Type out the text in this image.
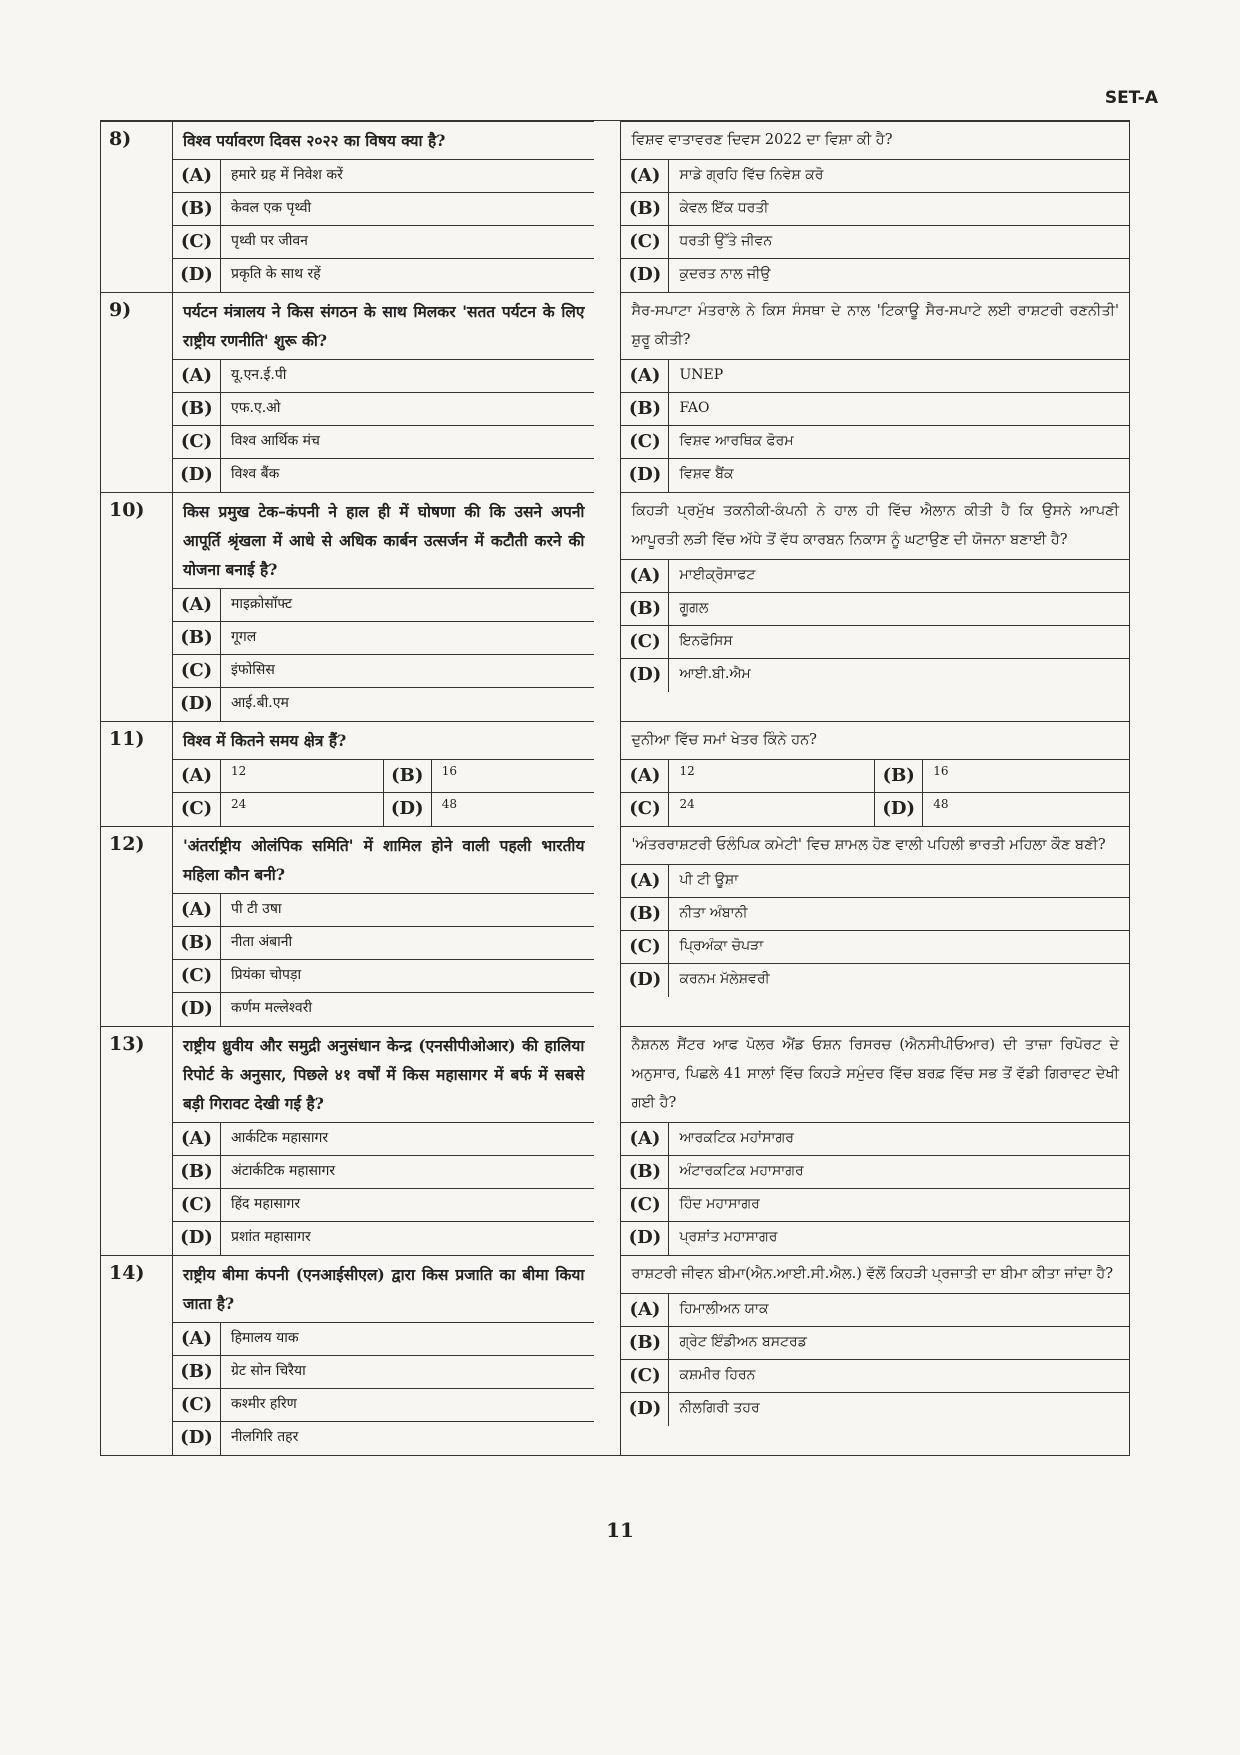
SET-A
8)	विश्व पर्यावरण दिवस २०२२ का विषय क्या है?
(A)	हमारे ग्रह में निवेश करें
(B)	केवल एक पृथ्वी
(C)	पृथ्वी पर जीवन
(D)	प्रकृति के साथ रहें
ਵਿਸ਼ਵ ਵਾਤਾਵਰਣ ਦਿਵਸ 2022 ਦਾ ਵਿਸ਼ਾ ਕੀ ਹੈ?
(A)	ਸਾਡੇ ਗ੍ਰਹਿ ਵਿੱਚ ਨਿਵੇਸ਼ ਕਰੋ
(B)	ਕੇਵਲ ਇੱਕ ਧਰਤੀ
(C)	ਧਰਤੀ ਉੱਤੇ ਜੀਵਨ
(D)	ਕੁਦਰਤ ਨਾਲ ਜੀਉ
9)	पर्यटन मंत्रालय ने किस संगठन के साथ मिलकर 'सतत पर्यटन के लिए राष्ट्रीय रणनीति' शुरू की?
(A)	यू.एन.ई.पी
(B)	एफ.ए.ओ
(C)	विश्व आर्थिक मंच
(D)	विश्व बैंक
ਸੈਰ-ਸਪਾਟਾ ਮੰਤਰਾਲੇ ਨੇ ਕਿਸ ਸੰਸਥਾ ਦੇ ਨਾਲ 'ਟਿਕਾਊ ਸੈਰ-ਸਪਾਟੇ ਲਈ ਰਾਸ਼ਟਰੀ ਰਣਨੀਤੀ' ਸ਼ੁਰੂ ਕੀਤੀ?
(A)	UNEP
(B)	FAO
(C)	ਵਿਸ਼ਵ ਆਰਥਿਕ ਫੋਰਮ
(D)	ਵਿਸ਼ਵ ਬੈਂਕ
10)	किस प्रमुख टेक–कंपनी ने हाल ही में घोषणा की कि उसने अपनी आपूर्ति श्रृंखला में आधे से अधिक कार्बन उत्सर्जन में कटौती करने की योजना बनाई है?
(A)	माइक्रोसॉफ्ट
(B)	गूगल
(C)	इंफोसिस
(D)	आई.बी.एम
ਕਿਹੜੀ ਪ੍ਰਮੁੱਖ ਤਕਨੀਕੀ-ਕੰਪਨੀ ਨੇ ਹਾਲ ਹੀ ਵਿੱਚ ਐਲਾਨ ਕੀਤੀ ਹੈ ਕਿ ਉਸਨੇ ਆਪਣੀ ਆਪੂਰਤੀ ਲੜੀ ਵਿੱਚ ਅੱਧੇ ਤੋਂ ਵੱਧ ਕਾਰਬਨ ਨਿਕਾਸ ਨੂੰ ਘਟਾਉਣ ਦੀ ਯੋਜਨਾ ਬਣਾਈ ਹੈ?
(A)	ਮਾਈਕ੍ਰੋਸਾਫਟ
(B)	ਗੂਗਲ
(C)	ਇਨਫੋਸਿਸ
(D)	ਆਈ.ਬੀ.ਐਮ
11)	विश्व में कितने समय क्षेत्र हैं?
(A)	12	(B)	16
(C)	24	(D)	48
ਦੁਨੀਆ ਵਿੱਚ ਸਮਾਂ ਖੇਤਰ ਕਿੰਨੇ ਹਨ?
(A)	12	(B)	16
(C)	24	(D)	48
12)	'अंतर्राष्ट्रीय ओलंपिक समिति' में शामिल होने वाली पहली भारतीय महिला कौन बनी?
(A)	पी टी उषा
(B)	नीता अंबानी
(C)	प्रियंका चोपड़ा
(D)	कर्णम मल्लेश्वरी
'ਅੰਤਰਰਾਸ਼ਟਰੀ ਓਲੰਪਿਕ ਕਮੇਟੀ' ਵਿਚ ਸ਼ਾਮਲ ਹੋਣ ਵਾਲੀ ਪਹਿਲੀ ਭਾਰਤੀ ਮਹਿਲਾ ਕੌਣ ਬਣੀ?
(A)	ਪੀ ਟੀ ਊਸ਼ਾ
(B)	ਨੀਤਾ ਅੰਬਾਨੀ
(C)	ਪ੍ਰਿਅੰਕਾ ਚੋਪੜਾ
(D)	ਕਰਨਮ ਮੱਲੇਸ਼ਵਰੀ
13)	राष्ट्रीय ध्रुवीय और समुद्री अनुसंधान केन्द्र (एनसीपीओआर) की हालिया रिपोर्ट के अनुसार, पिछले ४१ वर्षों में किस महासागर में बर्फ में सबसे बड़ी गिरावट देखी गई है?
(A)	आर्कटिक महासागर
(B)	अंटार्कटिक महासागर
(C)	हिंद महासागर
(D)	प्रशांत महासागर
ਨੈਸ਼ਨਲ ਸੈਂਟਰ ਆਫ ਪੋਲਰ ਐਂਡ ਓਸ਼ਨ ਰਿਸਰਚ (ਐਨਸੀਪੀਓਆਰ) ਦੀ ਤਾਜ਼ਾ ਰਿਪੋਰਟ ਦੇ ਅਨੁਸਾਰ, ਪਿਛਲੇ 41 ਸਾਲਾਂ ਵਿੱਚ ਕਿਹੜੇ ਸਮੁੰਦਰ ਵਿੱਚ ਬਰਫ਼ ਵਿੱਚ ਸਭ ਤੋਂ ਵੱਡੀ ਗਿਰਾਵਟ ਦੇਖੀ ਗਈ ਹੈ?
(A)	ਆਰਕਟਿਕ ਮਹਾਂਸਾਗਰ
(B)	ਅੰਟਾਰਕਟਿਕ ਮਹਾਸਾਗਰ
(C)	ਹਿੰਦ ਮਹਾਸਾਗਰ
(D)	ਪ੍ਰਸ਼ਾਂਤ ਮਹਾਸਾਗਰ
14)	राष्ट्रीय बीमा कंपनी (एनआईसीएल) द्वारा किस प्रजाति का बीमा किया जाता है?
(A)	हिमालय याक
(B)	ग्रेट सोन चिरैया
(C)	कश्मीर हरिण
(D)	नीलगिरि तहर
ਰਾਸ਼ਟਰੀ ਜੀਵਨ ਬੀਮਾ(ਐਨ.ਆਈ.ਸੀ.ਐਲ.) ਵੱਲੋਂ ਕਿਹੜੀ ਪ੍ਰਜਾਤੀ ਦਾ ਬੀਮਾ ਕੀਤਾ ਜਾਂਦਾ ਹੈ?
(A)	ਹਿਮਾਲੀਅਨ ਯਾਕ
(B)	ਗ੍ਰੇਟ ਇੰਡੀਅਨ ਬਸਟਰਡ
(C)	ਕਸ਼ਮੀਰ ਹਿਰਨ
(D)	ਨੀਲਗਿਰੀ ਤਹਰ
11
